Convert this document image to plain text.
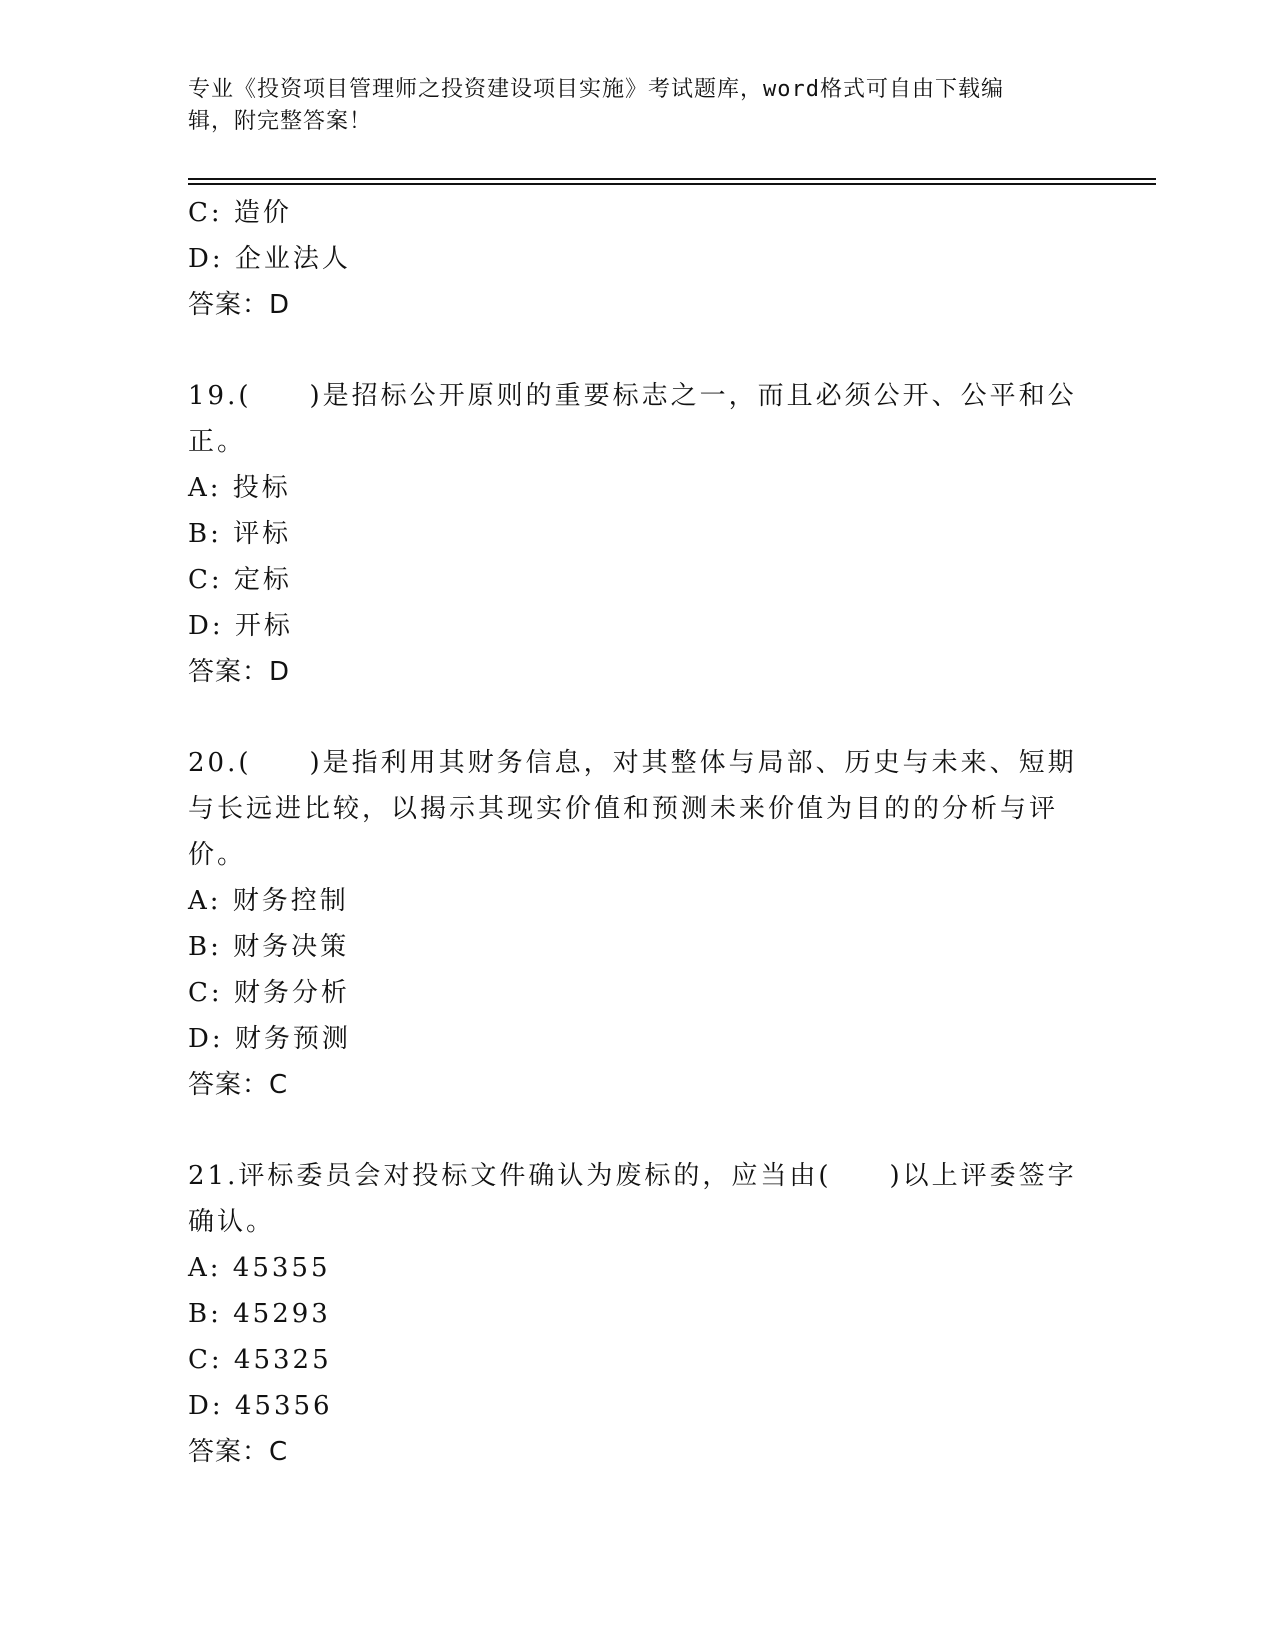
专业《投资项目管理师之投资建设项目实施》考试题库，word格式可自由下载编
辑，附完整答案！
C: 造价
D: 企业法人
答案：D
19.(　　)是招标公开原则的重要标志之一，而且必须公开、公平和公
正。
A: 投标
B: 评标
C: 定标
D: 开标
答案：D
20.(　　)是指利用其财务信息，对其整体与局部、历史与未来、短期
与长远进比较，以揭示其现实价值和预测未来价值为目的的分析与评
价。
A: 财务控制
B: 财务决策
C: 财务分析
D: 财务预测
答案：C
21.评标委员会对投标文件确认为废标的，应当由(　　)以上评委签字
确认。
A: 45355
B: 45293
C: 45325
D: 45356
答案：C
